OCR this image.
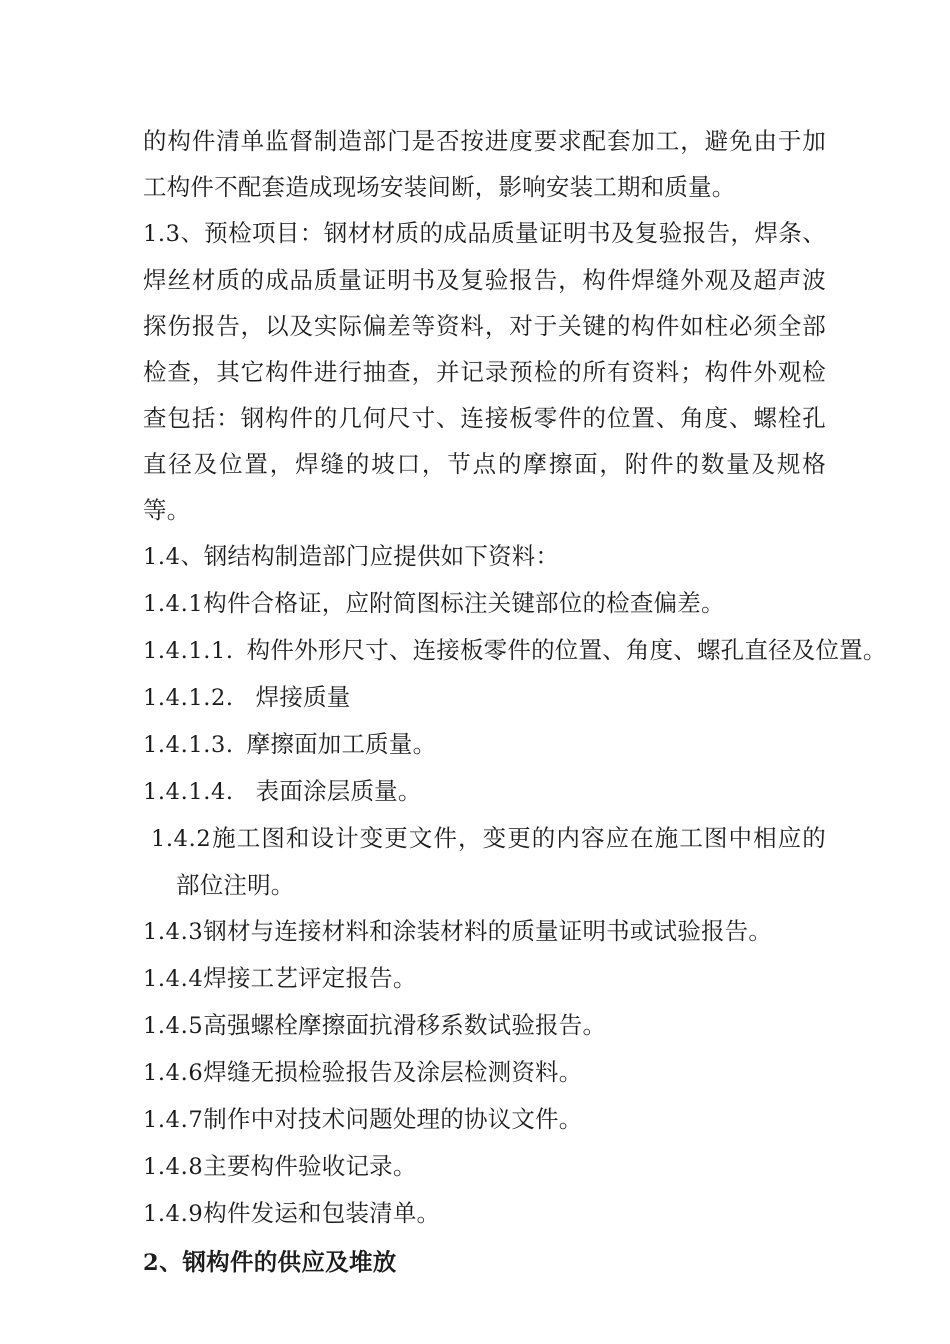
的构件清单监督制造部门是否按进度要求配套加工，避免由于加工构件不配套造成现场安装间断，影响安装工期和质量。

1.3、预检项目：钢材材质的成品质量证明书及复验报告，焊条、焊丝材质的成品质量证明书及复验报告，构件焊缝外观及超声波探伤报告，以及实际偏差等资料，对于关键的构件如柱必须全部检查，其它构件进行抽查，并记录预检的所有资料；构件外观检查包括：钢构件的几何尺寸、连接板零件的位置、角度、螺栓孔直径及位置，焊缝的坡口，节点的摩擦面，附件的数量及规格等。

1.4、钢结构制造部门应提供如下资料：

1.4.1构件合格证，应附简图标注关键部位的检查偏差。

1.4.1.1. 构件外形尺寸、连接板零件的位置、角度、螺孔直径及位置。

1.4.1.2. 焊接质量

1.4.1.3. 摩擦面加工质量。

1.4.1.4. 表面涂层质量。

1.4.2施工图和设计变更文件，变更的内容应在施工图中相应的部位注明。

1.4.3钢材与连接材料和涂装材料的质量证明书或试验报告。

1.4.4焊接工艺评定报告。

1.4.5高强螺栓摩擦面抗滑移系数试验报告。

1.4.6焊缝无损检验报告及涂层检测资料。

1.4.7制作中对技术问题处理的协议文件。

1.4.8主要构件验收记录。

1.4.9构件发运和包装清单。

2、钢构件的供应及堆放
